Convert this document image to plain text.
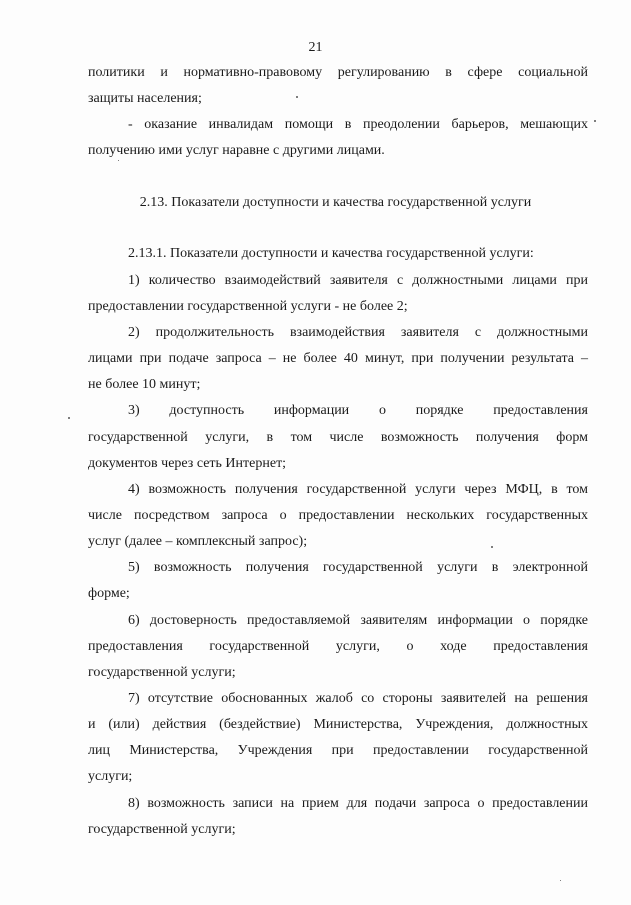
21
политики и нормативно-правовому регулированию в сфере социальной
защиты населения;
- оказание инвалидам помощи в преодолении барьеров, мешающих
получению ими услуг наравне с другими лицами.
2.13. Показатели доступности и качества государственной услуги
2.13.1. Показатели доступности и качества государственной услуги:
1) количество взаимодействий заявителя с должностными лицами при
предоставлении государственной услуги - не более 2;
2) продолжительность взаимодействия заявителя с должностными
лицами при подаче запроса – не более 40 минут, при получении результата –
не более 10 минут;
3) доступность информации о порядке предоставления
государственной услуги, в том числе возможность получения форм
документов через сеть Интернет;
4) возможность получения государственной услуги через МФЦ, в том
числе посредством запроса о предоставлении нескольких государственных
услуг (далее – комплексный запрос);
5) возможность получения государственной услуги в электронной
форме;
6) достоверность предоставляемой заявителям информации о порядке
предоставления государственной услуги, о ходе предоставления
государственной услуги;
7) отсутствие обоснованных жалоб со стороны заявителей на решения
и (или) действия (бездействие) Министерства, Учреждения, должностных
лиц Министерства, Учреждения при предоставлении государственной
услуги;
8) возможность записи на прием для подачи запроса о предоставлении
государственной услуги;
